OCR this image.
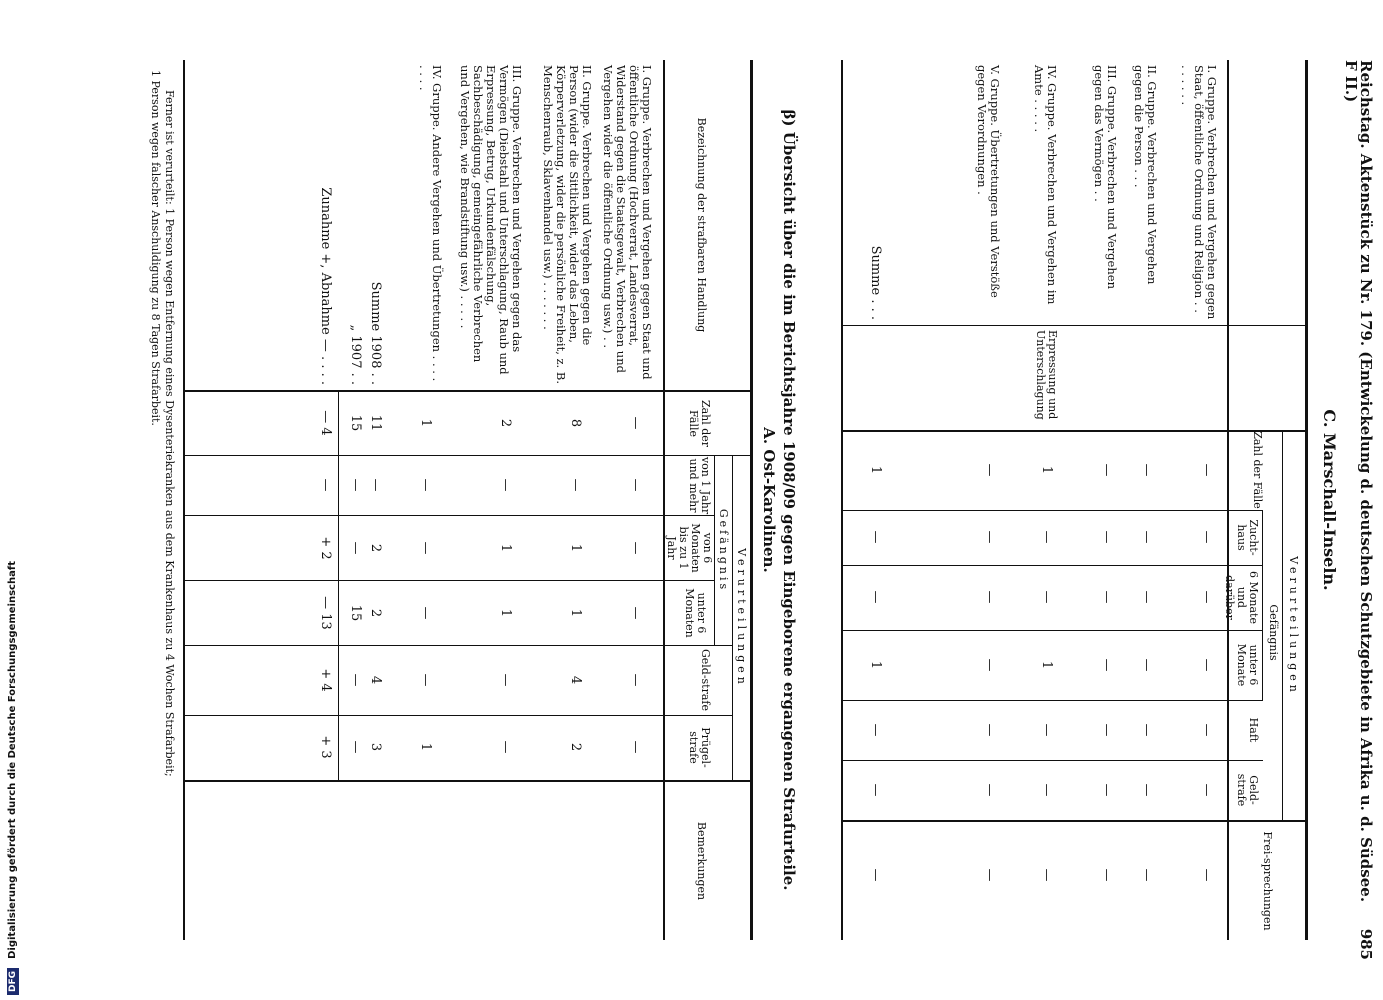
Reichstag. Aktenstück zu Nr. 179. (Entwickelung d. deutschen Schutzgebiete in Afrika u. d. Südsee. F II.)
985
C. Marschall-Inseln.
Zahl der Fälle
Verurteilungen
Gefängnis
Zucht-haus
6 Monate und darüber
unter 6 Monate
Haft
Geld-strafe
Frei-sprechungen
I. Gruppe. Verbrechen und Vergehen gegen Staat, öffentliche Ordnung und Religion . . . . . . . .
—
—
—
—
—
—
—
II. Gruppe. Verbrechen und Vergehen gegen die Person . . .
—
—
—
—
—
—
—
III. Gruppe. Verbrechen und Vergehen gegen das Vermögen . .
—
—
—
—
—
—
—
IV. Gruppe. Verbrechen und Vergehen im Amte . . . . .
Erpressung und Unterschlagung
1
—
—
1
—
—
—
V. Gruppe. Übertretungen und Verstöße gegen Verordnungen .
—
—
—
—
—
—
—
Summe . . .
1
—
—
1
—
—
—
β) Übersicht über die im Berichtsjahre 1908/09 gegen Eingeborene ergangenen Strafurteile.
A. Ost-Karolinen.
Bezeichnung der strafbaren Handlung
Zahl der Fälle
Verurteilungen
Gefängnis
von 1 Jahr und mehr
von 6 Monaten bis zu 1 Jahr
unter 6 Monaten
Geld-strafe
Prügel-strafe
Bemerkungen
I. Gruppe. Verbrechen und Vergehen gegen Staat und öffentliche Ordnung (Hochverrat, Landesverrat, Widerstand gegen die Staatsgewalt, Verbrechen und Vergehen wider die öffentliche Ordnung usw.) . .
—
—
—
—
—
—
II. Gruppe. Verbrechen und Vergehen gegen die Person (wider die Sittlichkeit, wider das Leben, Körperverletzung, wider die persönliche Freiheit, z. B. Menschenraub, Sklavenhandel usw.) . . . . . . .
8
—
1
1
4
2
III. Gruppe. Verbrechen und Vergehen gegen das Vermögen (Diebstahl und Unterschlagung, Raub und Erpressung, Betrug, Urkundenfälschung, Sachbeschädigung, gemeingefährliche Verbrechen und Vergehen, wie Brandstiftung usw.) . . . . .
2
—
1
1
—
—
IV. Gruppe. Andere Vergehen und Übertretungen . . . . . . . .
1
—
—
—
—
1
Summe 1908 . .
11
—
2
2
4
3
„ 1907 . .
15
—
—
15
—
—
Zunahme +, Abnahme — . . . .
— 4
—
+ 2
— 13
+ 4
+ 3
Ferner ist verurteilt: 1 Person wegen Entfernung eines Dysenteriekranken aus dem Krankenhaus zu 4 Wochen Strafarbeit;
1 Person wegen falscher Anschuldigung zu 8 Tagen Strafarbeit.
DFG Digitalisierung gefördert durch die Deutsche Forschungsgemeinschaft
